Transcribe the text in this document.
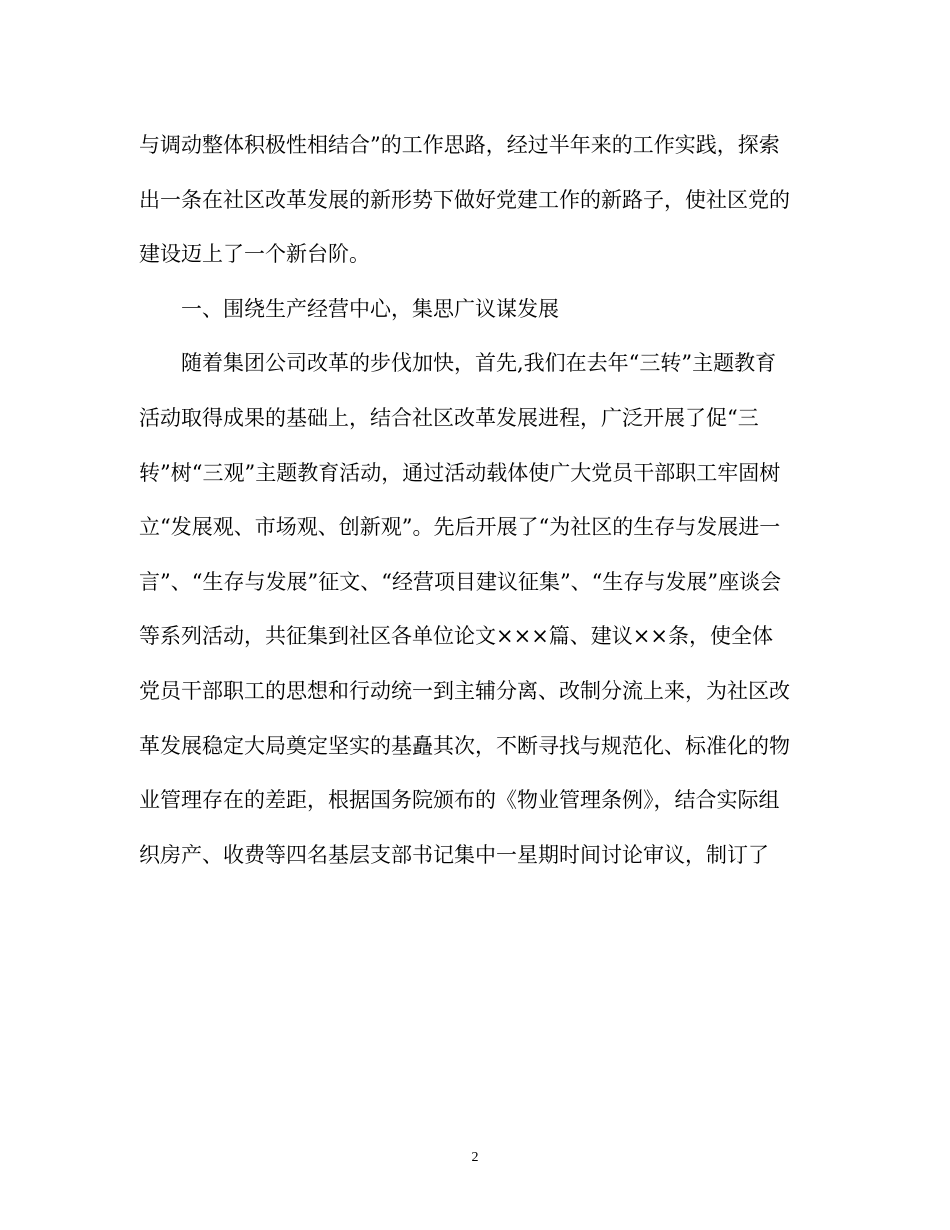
与调动整体积极性相结合”的工作思路，经过半年来的工作实践，探索
出一条在社区改革发展的新形势下做好党建工作的新路子，使社区党的
建设迈上了一个新台阶。
一、围绕生产经营中心，集思广议谋发展
随着集团公司改革的步伐加快，首先,我们在去年“三转”主题教育
活动取得成果的基础上，结合社区改革发展进程，广泛开展了促“三
转”树“三观”主题教育活动，通过活动载体使广大党员干部职工牢固树
立“发展观、市场观、创新观”。先后开展了“为社区的生存与发展进一
言”、“生存与发展”征文、“经营项目建议征集”、“生存与发展”座谈会
等系列活动，共征集到社区各单位论文×××篇、建议××条，使全体
党员干部职工的思想和行动统一到主辅分离、改制分流上来，为社区改
革发展稳定大局奠定坚实的基矗其次，不断寻找与规范化、标准化的物
业管理存在的差距，根据国务院颁布的《物业管理条例》，结合实际组
织房产、收费等四名基层支部书记集中一星期时间讨论审议，制订了
2
